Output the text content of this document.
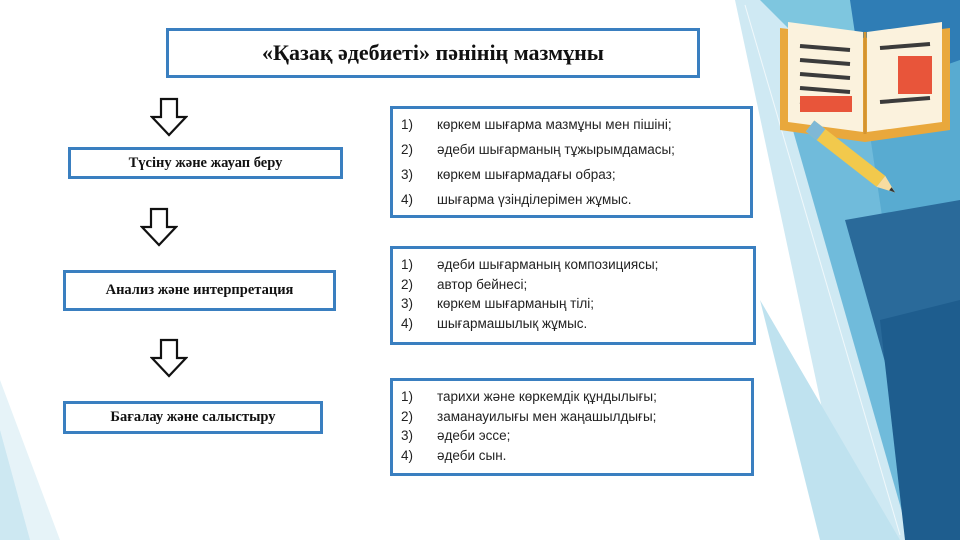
«Қазақ әдебиеті» пәнінің мазмұны
Түсіну және жауап беру
Анализ және интерпретация
Бағалау және салыстыру
1)	көркем шығарма мазмұны мен пішіні;
2)	әдеби шығарманың тұжырымдамасы;
3)	көркем шығармадағы образ;
4)	шығарма үзінділерімен жұмыс.
1)	әдеби шығарманың композициясы;
2)	автор бейнесі;
3)	көркем шығарманың тілі;
4)	шығармашылық жұмыс.
1)	тарихи және көркемдік құндылығы;
2)	заманауилығы мен жаңашылдығы;
3)	әдеби эссе;
4)	әдеби сын.
